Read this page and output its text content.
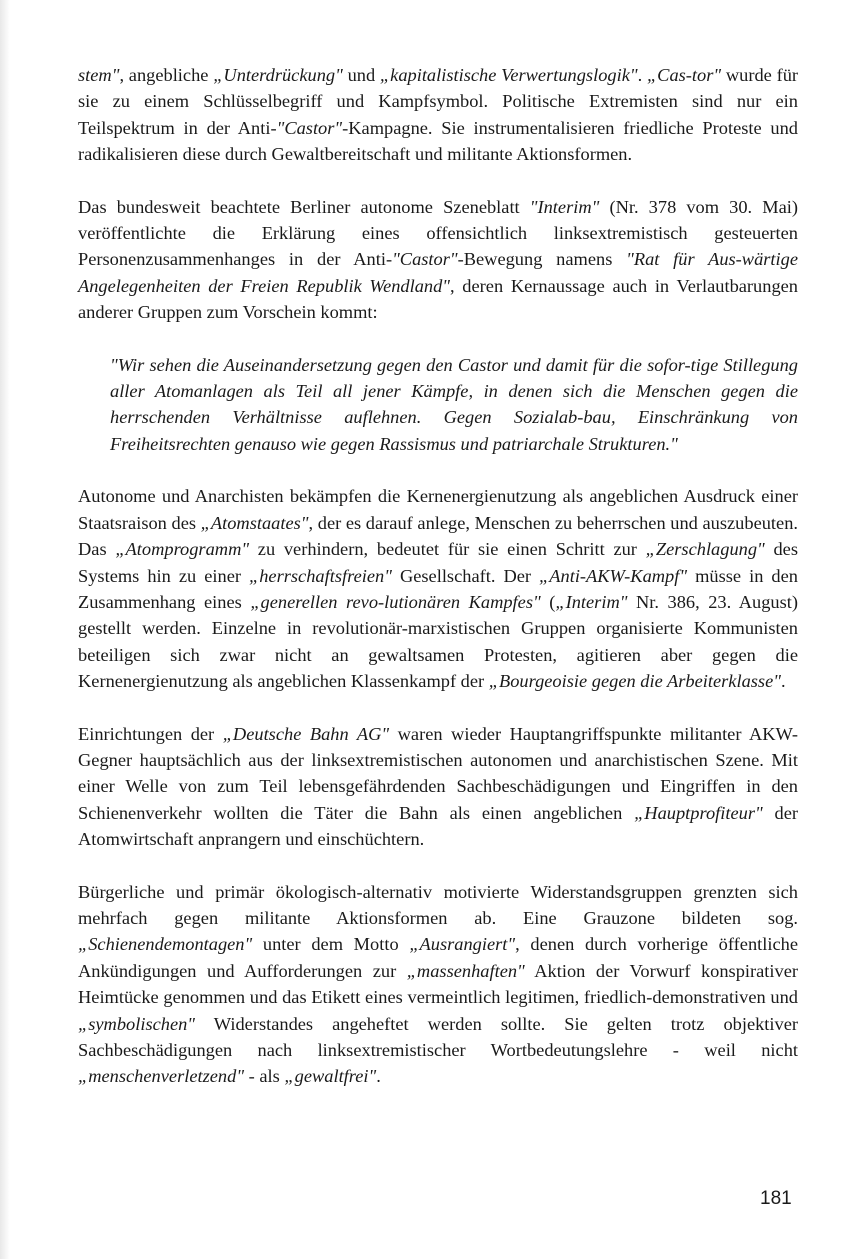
stem", angebliche „Unterdrückung" und „kapitalistische Verwertungslogik". „Cas-tor" wurde für sie zu einem Schlüsselbegriff und Kampfsymbol. Politische Extremisten sind nur ein Teilspektrum in der Anti-"Castor"-Kampagne. Sie instrumentalisieren friedliche Proteste und radikalisieren diese durch Gewaltbereitschaft und militante Aktionsformen.

Das bundesweit beachtete Berliner autonome Szeneblatt "Interim" (Nr. 378 vom 30. Mai) veröffentlichte die Erklärung eines offensichtlich linksextremistisch gesteuerten Personenzusammenhanges in der Anti-"Castor"-Bewegung namens "Rat für Aus-wärtige Angelegenheiten der Freien Republik Wendland", deren Kernaussage auch in Verlautbarungen anderer Gruppen zum Vorschein kommt:

"Wir sehen die Auseinandersetzung gegen den Castor und damit für die sofor-tige Stillegung aller Atomanlagen als Teil all jener Kämpfe, in denen sich die Menschen gegen die herrschenden Verhältnisse auflehnen. Gegen Sozialab-bau, Einschränkung von Freiheitsrechten genauso wie gegen Rassismus und patriarchale Strukturen."

Autonome und Anarchisten bekämpfen die Kernenergienutzung als angeblichen Ausdruck einer Staatsraison des „Atomstaates", der es darauf anlege, Menschen zu beherrschen und auszubeuten. Das „Atomprogramm" zu verhindern, bedeutet für sie einen Schritt zur „Zerschlagung" des Systems hin zu einer „herrschaftsfreien" Gesellschaft. Der „Anti-AKW-Kampf" müsse in den Zusammenhang eines „generellen revo-lutionären Kampfes" („Interim" Nr. 386, 23. August) gestellt werden. Einzelne in revolutionär-marxistischen Gruppen organisierte Kommunisten beteiligen sich zwar nicht an gewaltsamen Protesten, agitieren aber gegen die Kernenergienutzung als angeblichen Klassenkampf der „Bourgeoisie gegen die Arbeiterklasse".

Einrichtungen der „Deutsche Bahn AG" waren wieder Hauptangriffspunkte militanter AKW-Gegner hauptsächlich aus der linksextremistischen autonomen und anarchistischen Szene. Mit einer Welle von zum Teil lebensgefährdenden Sachbeschädigungen und Eingriffen in den Schienenverkehr wollten die Täter die Bahn als einen angeblichen „Hauptprofiteur" der Atomwirtschaft anprangern und einschüchtern.

Bürgerliche und primär ökologisch-alternativ motivierte Widerstandsgruppen grenzten sich mehrfach gegen militante Aktionsformen ab. Eine Grauzone bildeten sog. „Schienendemontagen" unter dem Motto „Ausrangiert", denen durch vorherige öffentliche Ankündigungen und Aufforderungen zur „massenhaften" Aktion der Vorwurf konspirativer Heimtücke genommen und das Etikett eines vermeintlich legitimen, friedlich-demonstrativen und „symbolischen" Widerstandes angeheftet werden sollte. Sie gelten trotz objektiver Sachbeschädigungen nach linksextremistischer Wortbedeutungslehre - weil nicht „menschenverletzend" - als „gewaltfrei".

181
